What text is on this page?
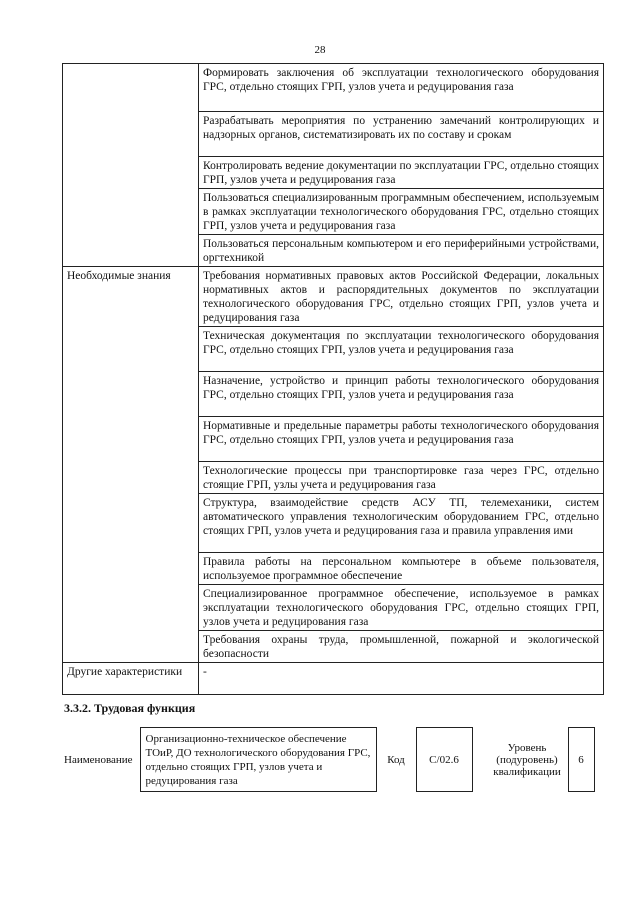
28
	Формировать заключения об эксплуатации технологического оборудования ГРС, отдельно стоящих ГРП, узлов учета и редуцирования газа
	Разрабатывать мероприятия по устранению замечаний контролирующих и надзорных органов, систематизировать их по составу и срокам
	Контролировать ведение документации по эксплуатации ГРС, отдельно стоящих ГРП, узлов учета и редуцирования газа
	Пользоваться специализированным программным обеспечением, используемым в рамках эксплуатации технологического оборудования ГРС, отдельно стоящих ГРП, узлов учета и редуцирования газа
	Пользоваться персональным компьютером и его периферийными устройствами, оргтехникой
Необходимые знания	Требования нормативных правовых актов Российской Федерации, локальных нормативных актов и распорядительных документов по эксплуатации технологического оборудования ГРС, отдельно стоящих ГРП, узлов учета и редуцирования газа
	Техническая документация по эксплуатации технологического оборудования ГРС, отдельно стоящих ГРП, узлов учета и редуцирования газа
	Назначение, устройство и принцип работы технологического оборудования ГРС, отдельно стоящих ГРП, узлов учета и редуцирования газа
	Нормативные и предельные параметры работы технологического оборудования ГРС, отдельно стоящих ГРП, узлов учета и редуцирования газа
	Технологические процессы при транспортировке газа через ГРС, отдельно стоящие ГРП, узлы учета и редуцирования газа
	Структура, взаимодействие средств АСУ ТП, телемеханики, систем автоматического управления технологическим оборудованием ГРС, отдельно стоящих ГРП, узлов учета и редуцирования газа и правила управления ими
	Правила работы на персональном компьютере в объеме пользователя, используемое программное обеспечение
	Специализированное программное обеспечение, используемое в рамках эксплуатации технологического оборудования ГРС, отдельно стоящих ГРП, узлов учета и редуцирования газа
	Требования охраны труда, промышленной, пожарной и экологической безопасности
Другие характеристики	-
3.3.2. Трудовая функция
Наименование	Организационно-техническое обеспечение ТОиР, ДО технологического оборудования ГРС, отдельно стоящих ГРП, узлов учета и редуцирования газа	Код	С/02.6		Уровень (подуровень) квалификации		6
